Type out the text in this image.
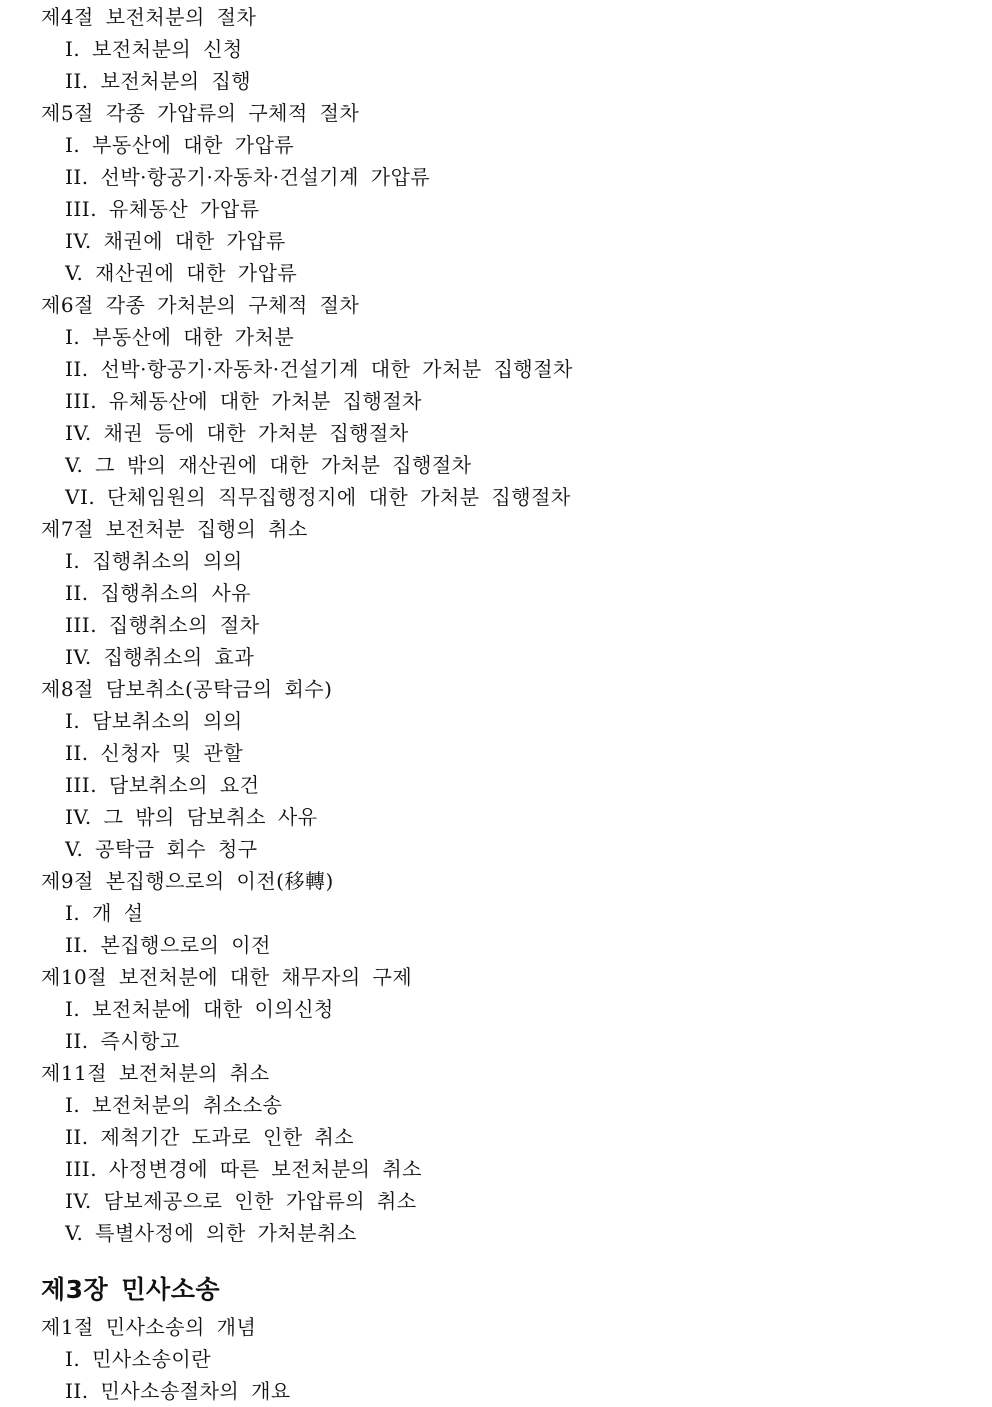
제4절 보전처분의 절차
I. 보전처분의 신청
II. 보전처분의 집행
제5절 각종 가압류의 구체적 절차
I. 부동산에 대한 가압류
II. 선박·항공기·자동차·건설기계 가압류
III. 유체동산 가압류
IV. 채권에 대한 가압류
V. 재산권에 대한 가압류
제6절 각종 가처분의 구체적 절차
I. 부동산에 대한 가처분
II. 선박·항공기·자동차·건설기계 대한 가처분 집행절차
III. 유체동산에 대한 가처분 집행절차
IV. 채권 등에 대한 가처분 집행절차
V. 그 밖의 재산권에 대한 가처분 집행절차
VI. 단체임원의 직무집행정지에 대한 가처분 집행절차
제7절 보전처분 집행의 취소
I. 집행취소의 의의
II. 집행취소의 사유
III. 집행취소의 절차
IV. 집행취소의 효과
제8절 담보취소(공탁금의 회수)
I. 담보취소의 의의
II. 신청자 및 관할
III. 담보취소의 요건
IV. 그 밖의 담보취소 사유
V. 공탁금 회수 청구
제9절 본집행으로의 이전(移轉)
I. 개 설
II. 본집행으로의 이전
제10절 보전처분에 대한 채무자의 구제
I. 보전처분에 대한 이의신청
II. 즉시항고
제11절 보전처분의 취소
I. 보전처분의 취소소송
II. 제척기간 도과로 인한 취소
III. 사정변경에 따른 보전처분의 취소
IV. 담보제공으로 인한 가압류의 취소
V. 특별사정에 의한 가처분취소
제3장 민사소송
제1절 민사소송의 개념
I. 민사소송이란
II. 민사소송절차의 개요
